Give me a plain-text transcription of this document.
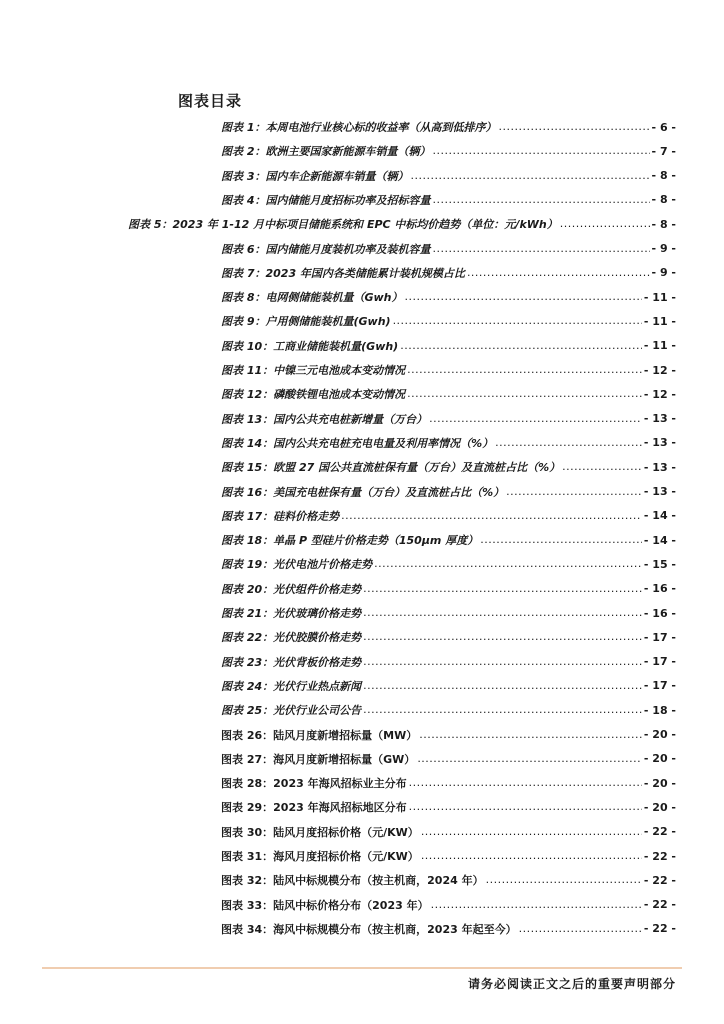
图表目录
图表 1：本周电池行业核心标的收益率（从高到低排序） .....	- 6 -
图表 2：欧洲主要国家新能源车销量（辆） .....	- 7 -
图表 3：国内车企新能源车销量（辆） .....	- 8 -
图表 4：国内储能月度招标功率及招标容量 .....	- 8 -
图表 5：2023 年 1-12 月中标项目储能系统和 EPC 中标均价趋势（单位：元/kWh） .....	- 8 -
图表 6：国内储能月度装机功率及装机容量 .....	- 9 -
图表 7：2023 年国内各类储能累计装机规模占比 .....	- 9 -
图表 8：电网侧储能装机量（Gwh） .....	- 11 -
图表 9：户用侧储能装机量(Gwh) .....	- 11 -
图表 10：工商业储能装机量(Gwh) .....	- 11 -
图表 11：中镍三元电池成本变动情况 .....	- 12 -
图表 12：磷酸铁锂电池成本变动情况 .....	- 12 -
图表 13：国内公共充电桩新增量（万台） .....	- 13 -
图表 14：国内公共充电桩充电电量及利用率情况（%） .....	- 13 -
图表 15：欧盟 27 国公共直流桩保有量（万台）及直流桩占比（%） .....	- 13 -
图表 16：美国充电桩保有量（万台）及直流桩占比（%） .....	- 13 -
图表 17：硅料价格走势 .....	- 14 -
图表 18：单晶 P 型硅片价格走势（150μm 厚度） .....	- 14 -
图表 19：光伏电池片价格走势 .....	- 15 -
图表 20：光伏组件价格走势 .....	- 16 -
图表 21：光伏玻璃价格走势 .....	- 16 -
图表 22：光伏胶膜价格走势 .....	- 17 -
图表 23：光伏背板价格走势 .....	- 17 -
图表 24：光伏行业热点新闻 .....	- 17 -
图表 25：光伏行业公司公告 .....	- 18 -
图表 26：陆风月度新增招标量（MW） .....	- 20 -
图表 27：海风月度新增招标量（GW） .....	- 20 -
图表 28：2023 年海风招标业主分布 .....	- 20 -
图表 29：2023 年海风招标地区分布 .....	- 20 -
图表 30：陆风月度招标价格（元/KW） .....	- 22 -
图表 31：海风月度招标价格（元/KW） .....	- 22 -
图表 32：陆风中标规模分布（按主机商，2024 年） .....	- 22 -
图表 33：陆风中标价格分布（2023 年） .....	- 22 -
图表 34：海风中标规模分布（按主机商，2023 年起至今） .....	- 22 -
请务必阅读正文之后的重要声明部分
